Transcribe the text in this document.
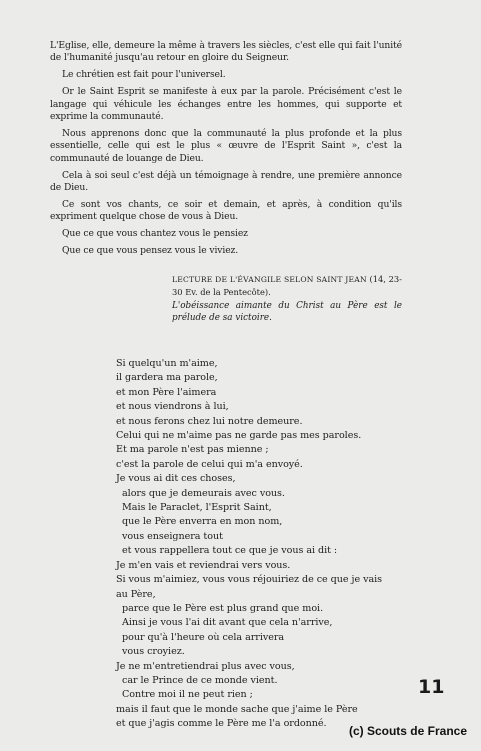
L'Eglise, elle, demeure la même à travers les siècles, c'est elle qui fait l'unité de l'humanité jusqu'au retour en gloire du Seigneur.

Le chrétien est fait pour l'universel.

Or le Saint Esprit se manifeste à eux par la parole. Précisément c'est le langage qui véhicule les échanges entre les hommes, qui supporte et exprime la communauté.

Nous apprenons donc que la communauté la plus profonde et la plus essentielle, celle qui est le plus « œuvre de l'Esprit Saint », c'est la communauté de louange de Dieu.

Cela à soi seul c'est déjà un témoignage à rendre, une première annonce de Dieu.

Ce sont vos chants, ce soir et demain, et après, à condition qu'ils expriment quelque chose de vous à Dieu.

Que ce que vous chantez vous le pensiez

Que ce que vous pensez vous le viviez.

LECTURE DE L'ÉVANGILE SELON SAINT JEAN (14, 23-30 Ev. de la Pentecôte).

L'obéissance aimante du Christ au Père est le prélude de sa victoire.

Si quelqu'un m'aime,
il gardera ma parole,
et mon Père l'aimera
et nous viendrons à lui,
et nous ferons chez lui notre demeure.
Celui qui ne m'aime pas ne garde pas mes paroles.
Et ma parole n'est pas mienne ;
c'est la parole de celui qui m'a envoyé.
Je vous ai dit ces choses,
alors que je demeurais avec vous.
Mais le Paraclet, l'Esprit Saint,
que le Père enverra en mon nom,
vous enseignera tout
et vous rappellera tout ce que je vous ai dit :
Je m'en vais et reviendrai vers vous.
Si vous m'aimiez, vous vous réjouiriez de ce que je vais
au Père,
parce que le Père est plus grand que moi.
Ainsi je vous l'ai dit avant que cela n'arrive,
pour qu'à l'heure où cela arrivera
vous croyiez.
Je ne m'entretiendrai plus avec vous,
car le Prince de ce monde vient.
Contre moi il ne peut rien ;
mais il faut que le monde sache que j'aime le Père
et que j'agis comme le Père me l'a ordonné.
11
(c) Scouts de France
